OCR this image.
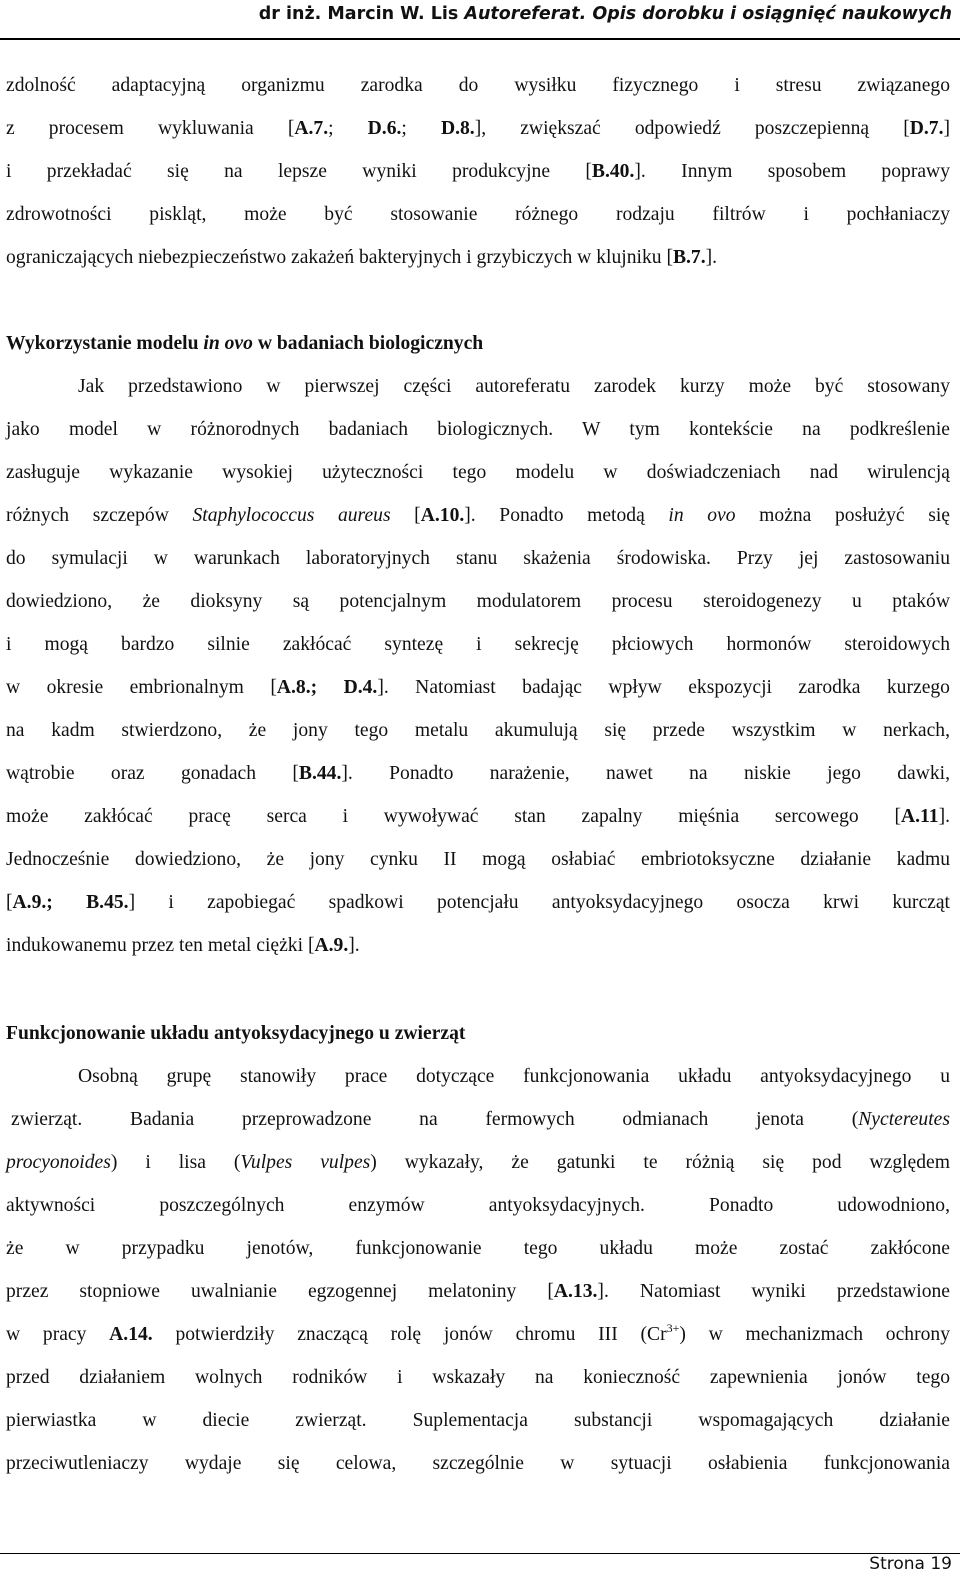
dr inż. Marcin W. Lis Autoreferat. Opis dorobku i osiągnięć naukowych

zdolność adaptacyjną organizmu zarodka do wysiłku fizycznego i stresu związanego
z procesem wykluwania [A.7.; D.6.; D.8.], zwiększać odpowiedź poszczepienną [D.7.]
i przekładać się na lepsze wyniki produkcyjne [B.40.]. Innym sposobem poprawy
zdrowotności piskląt, może być stosowanie różnego rodzaju filtrów i pochłaniaczy
ograniczających niebezpieczeństwo zakażeń bakteryjnych i grzybiczych w klujniku [B.7.].

Wykorzystanie modelu in ovo w badaniach biologicznych

Jak przedstawiono w pierwszej części autoreferatu zarodek kurzy może być stosowany
jako model w różnorodnych badaniach biologicznych. W tym kontekście na podkreślenie
zasługuje wykazanie wysokiej użyteczności tego modelu w doświadczeniach nad wirulencją
różnych szczepów Staphylococcus aureus [A.10.]. Ponadto metodą in ovo można posłużyć się
do symulacji w warunkach laboratoryjnych stanu skażenia środowiska. Przy jej zastosowaniu
dowiedziono, że dioksyny są potencjalnym modulatorem procesu steroidogenezy u ptaków
i mogą bardzo silnie zakłócać syntezę i sekrecję płciowych hormonów steroidowych
w okresie embrionalnym [A.8.; D.4.]. Natomiast badając wpływ ekspozycji zarodka kurzego
na kadm stwierdzono, że jony tego metalu akumulują się przede wszystkim w nerkach,
wątrobie oraz gonadach [B.44.]. Ponadto narażenie, nawet na niskie jego dawki,
może zakłócać pracę serca i wywoływać stan zapalny mięśnia sercowego [A.11].
Jednocześnie dowiedziono, że jony cynku II mogą osłabiać embriotoksyczne działanie kadmu
[A.9.; B.45.] i zapobiegać spadkowi potencjału antyoksydacyjnego osocza krwi kurcząt
indukowanemu przez ten metal ciężki [A.9.].

Funkcjonowanie układu antyoksydacyjnego u zwierząt

Osobną grupę stanowiły prace dotyczące funkcjonowania układu antyoksydacyjnego u
zwierząt. Badania przeprowadzone na fermowych odmianach jenota (Nyctereutes
procyonoides) i lisa (Vulpes vulpes) wykazały, że gatunki te różnią się pod względem
aktywności poszczególnych enzymów antyoksydacyjnych. Ponadto udowodniono,
że w przypadku jenotów, funkcjonowanie tego układu może zostać zakłócone
przez stopniowe uwalnianie egzogennej melatoniny [A.13.]. Natomiast wyniki przedstawione
w pracy A.14. potwierdziły znaczącą rolę jonów chromu III $(Cr^{3+})$ w mechanizmach ochrony
przed działaniem wolnych rodników i wskazały na konieczność zapewnienia jonów tego
pierwiastka w diecie zwierząt. Suplementacja substancji wspomagających działanie
przeciwutleniaczy wydaje się celowa, szczególnie w sytuacji osłabienia funkcjonowania

Strona 19
